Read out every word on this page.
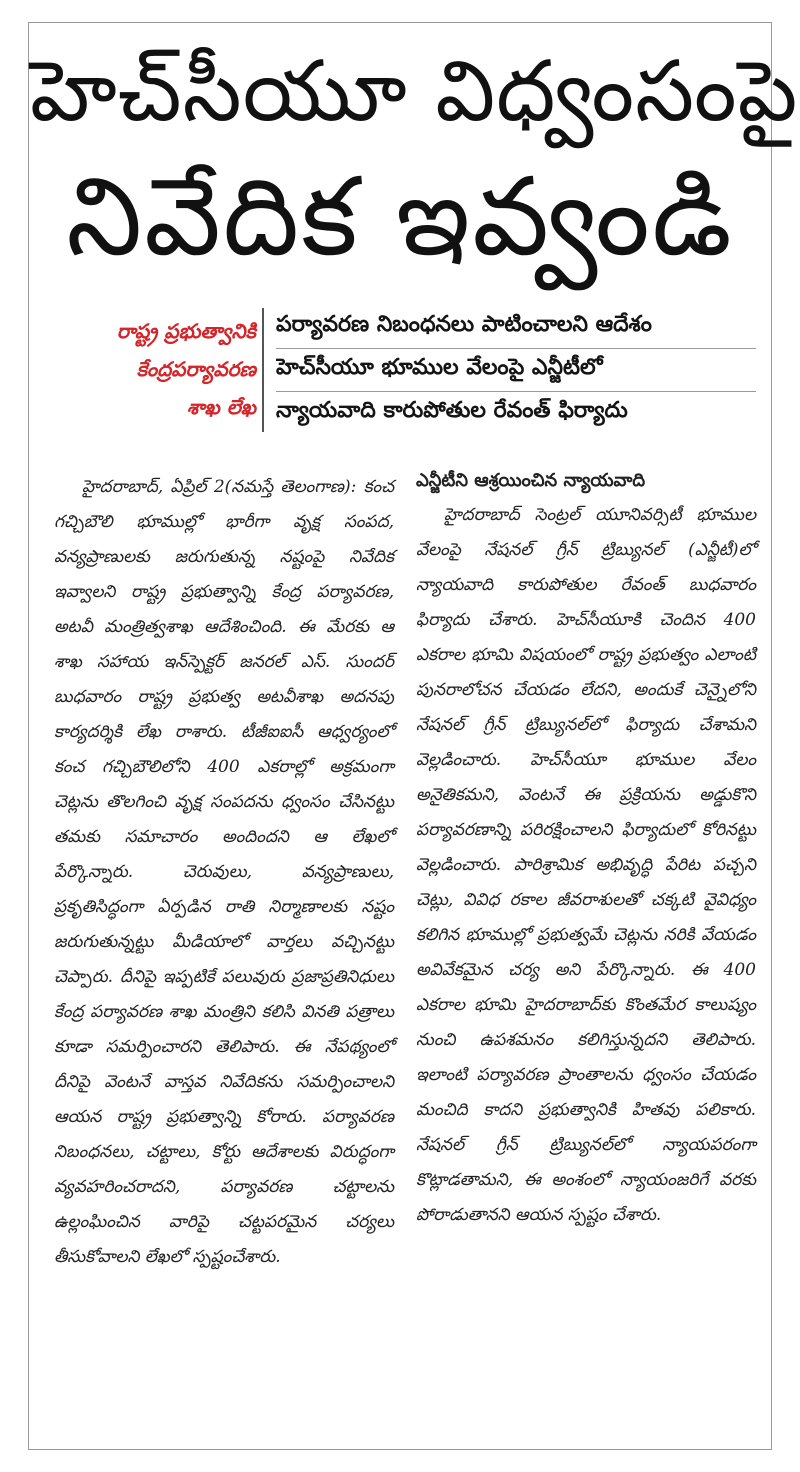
హెచ్‌సీయూ విధ్వంసంపై
నివేదిక ఇవ్వండి
రాష్ట్ర ప్రభుత్వానికి
కేంద్రపర్యావరణ
శాఖ లేఖ
పర్యావరణ నిబంధనలు పాటించాలని ఆదేశం
హెచ్‌సీయూ భూముల వేలంపై ఎన్జీటీలో
న్యాయవాది కారుపోతుల రేవంత్ ఫిర్యాదు
హైదరాబాద్, ఏప్రిల్ 2(నమస్తే తెలంగాణ): కంచ గచ్చిబౌలి భూముల్లో భారీగా వృక్ష సంపద, వన్యప్రాణులకు జరుగుతున్న నష్టంపై నివేదిక ఇవ్వాలని రాష్ట్ర ప్రభుత్వాన్ని కేంద్ర పర్యావరణ, అటవీ మంత్రిత్వశాఖ ఆదేశించింది. ఈ మేరకు ఆ శాఖ సహాయ ఇన్‌స్పెక్టర్ జనరల్ ఎస్. సుందర్ బుధవారం రాష్ట్ర ప్రభుత్వ అటవీశాఖ అదనపు కార్యదర్శికి లేఖ రాశారు. టీజీఐఐసీ ఆధ్వర్యంలో కంచ గచ్చిబౌలిలోని 400 ఎకరాల్లో అక్రమంగా చెట్లను తొలగించి వృక్ష సంపదను ధ్వంసం చేసినట్టు తమకు సమాచారం అందిందని ఆ లేఖలో పేర్కొన్నారు. చెరువులు, వన్యప్రాణులు, ప్రకృతిసిద్ధంగా ఏర్పడిన రాతి నిర్మాణాలకు నష్టం జరుగుతున్నట్టు మీడియాలో వార్తలు వచ్చినట్టు చెప్పారు. దీనిపై ఇప్పటికే పలువురు ప్రజాప్రతినిధులు కేంద్ర పర్యావరణ శాఖ మంత్రిని కలిసి వినతి పత్రాలు కూడా సమర్పించారని తెలిపారు. ఈ నేపథ్యంలో దీనిపై వెంటనే వాస్తవ నివేదికను సమర్పించాలని ఆయన రాష్ట్ర ప్రభుత్వాన్ని కోరారు. పర్యావరణ నిబంధనలు, చట్టాలు, కోర్టు ఆదేశాలకు విరుద్ధంగా వ్యవహరించరాదని, పర్యావరణ చట్టాలను ఉల్లంఘించిన వారిపై చట్టపరమైన చర్యలు తీసుకోవాలని లేఖలో స్పష్టంచేశారు.
ఎన్జీటీని ఆశ్రయించిన న్యాయవాది
హైదరాబాద్ సెంట్రల్ యూనివర్సిటీ భూముల వేలంపై నేషనల్ గ్రీన్ ట్రిబ్యునల్ (ఎన్జీటీ)లో న్యాయవాది కారుపోతుల రేవంత్ బుధవారం ఫిర్యాదు చేశారు. హెచ్‌సీయూకి చెందిన 400 ఎకరాల భూమి విషయంలో రాష్ట్ర ప్రభుత్వం ఎలాంటి పునరాలోచన చేయడం లేదని, అందుకే చెన్నైలోని నేషనల్ గ్రీన్ ట్రిబ్యునల్‌లో ఫిర్యాదు చేశామని వెల్లడించారు. హెచ్‌సీయూ భూముల వేలం అనైతికమని, వెంటనే ఈ ప్రక్రియను అడ్డుకొని పర్యావరణాన్ని పరిరక్షించాలని ఫిర్యాదులో కోరినట్టు వెల్లడించారు. పారిశ్రామిక అభివృద్ధి పేరిట పచ్చని చెట్లు, వివిధ రకాల జీవరాశులతో చక్కటి వైవిధ్యం కలిగిన భూముల్లో ప్రభుత్వమే చెట్లను నరికి వేయడం అవివేకమైన చర్య అని పేర్కొన్నారు. ఈ 400 ఎకరాల భూమి హైదరాబాద్‌కు కొంతమేర కాలుష్యం నుంచి ఉపశమనం కలిగిస్తున్నదని తెలిపారు. ఇలాంటి పర్యావరణ ప్రాంతాలను ధ్వంసం చేయడం మంచిది కాదని ప్రభుత్వానికి హితవు పలికారు. నేషనల్ గ్రీన్ ట్రిబ్యునల్‌లో న్యాయపరంగా కొట్లాడతామని, ఈ అంశంలో న్యాయంజరిగే వరకు పోరాడుతానని ఆయన స్పష్టం చేశారు.
